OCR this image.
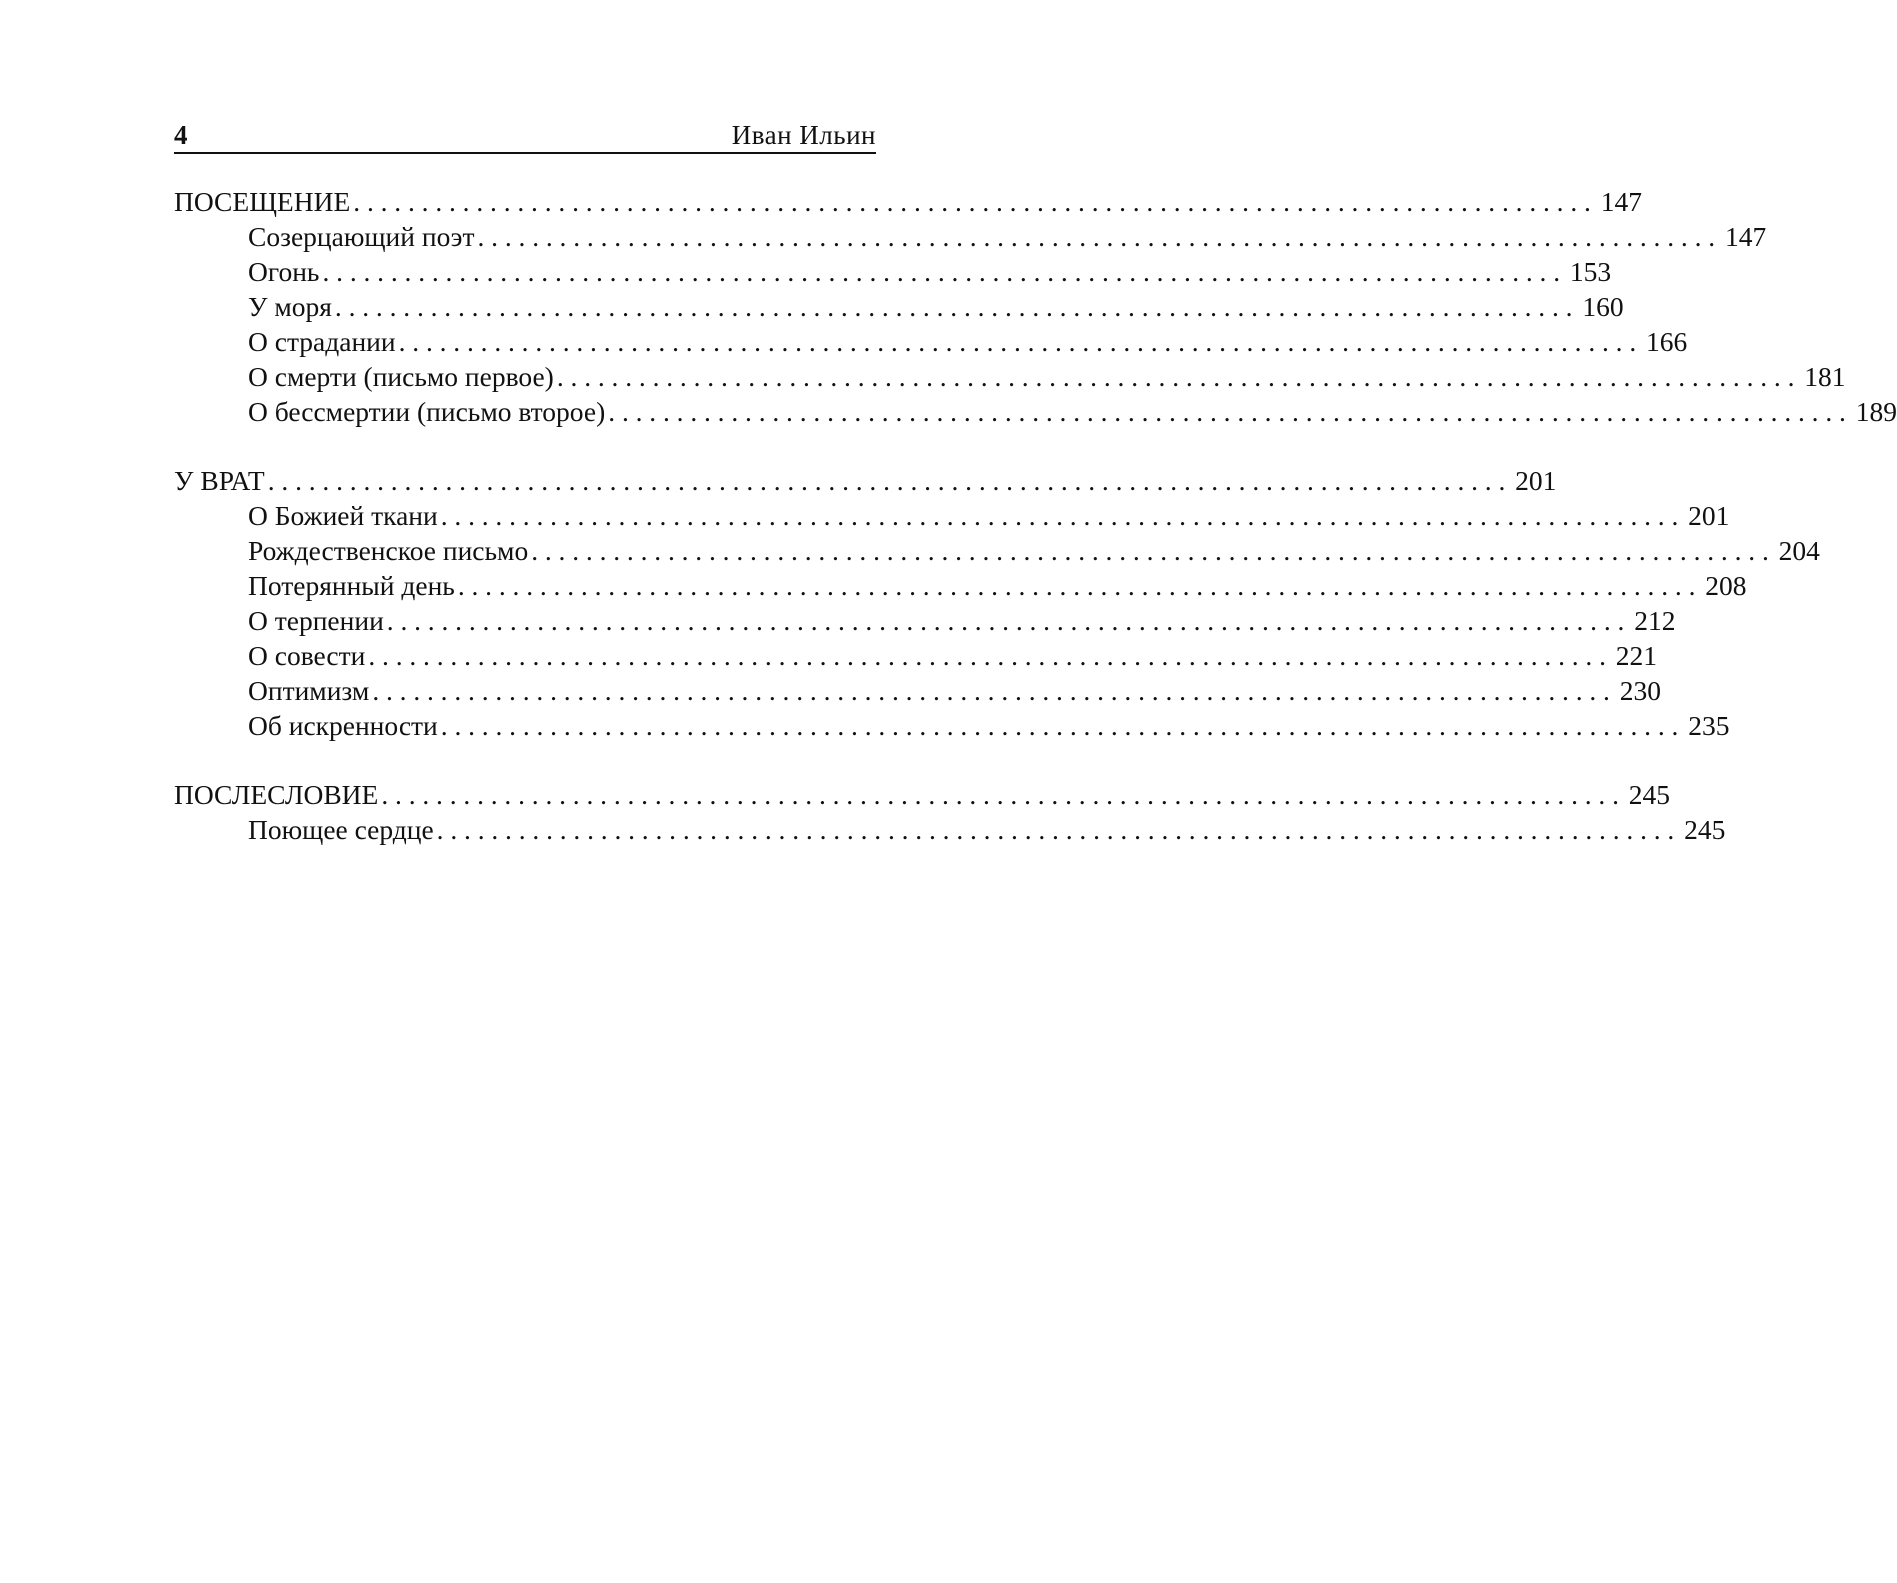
4	Иван Ильин
ПОСЕЩЕНИЕ ........................................................................................... 147
Созерцающий поэт ........................................................................................... 147
Огонь ........................................................................................... 153
У моря ........................................................................................... 160
О страдании ........................................................................................... 166
О смерти (письмо первое) ........................................................................................... 181
О бессмертии (письмо второе) ........................................................................................... 189
У ВРАТ ........................................................................................... 201
О Божией ткани ........................................................................................... 201
Рождественское письмо ........................................................................................... 204
Потерянный день ........................................................................................... 208
О терпении ........................................................................................... 212
О совести ........................................................................................... 221
Оптимизм ........................................................................................... 230
Об искренности ........................................................................................... 235
ПОСЛЕСЛОВИЕ ........................................................................................... 245
Поющее сердце ........................................................................................... 245
